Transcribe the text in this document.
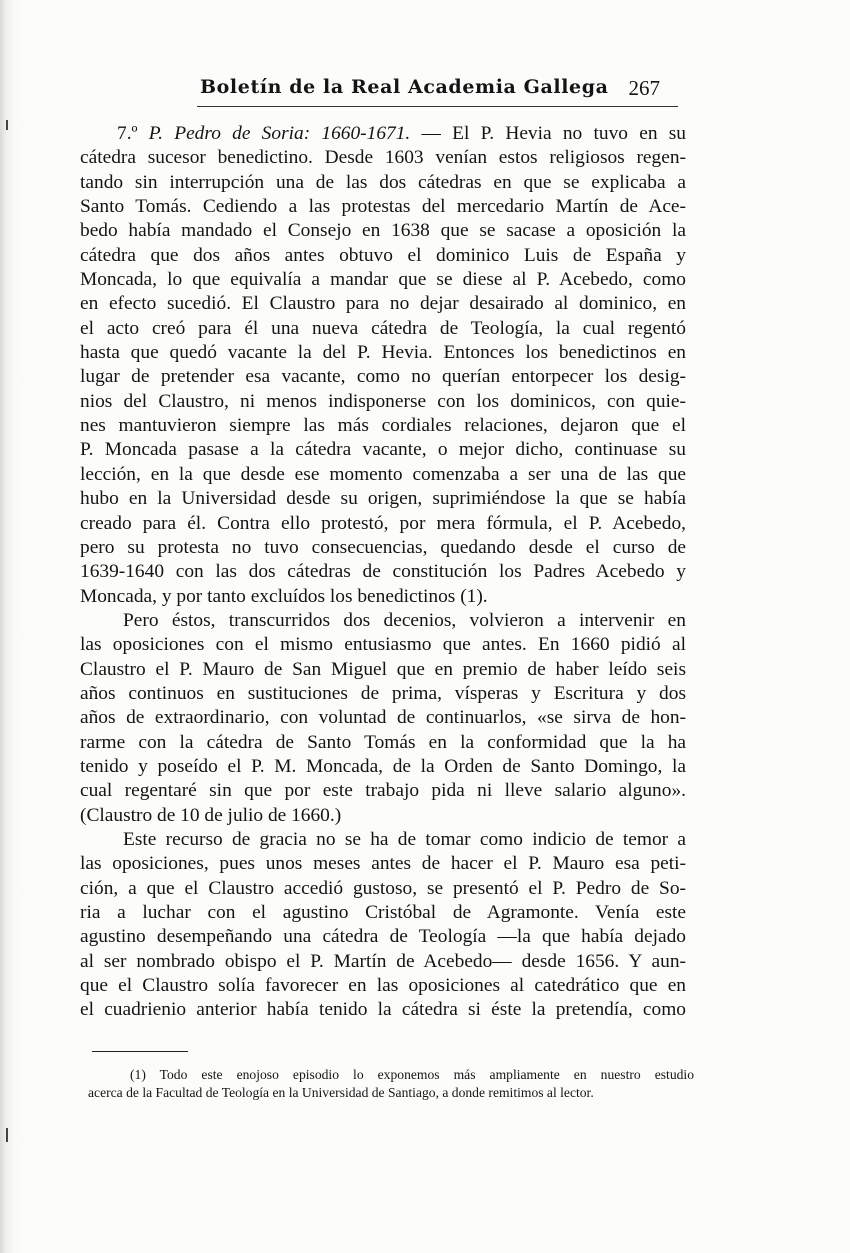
Boletín de la Real Academia Gallega 267
7.º P. Pedro de Soria: 1660-1671. — El P. Hevia no tuvo en su
cátedra sucesor benedictino. Desde 1603 venían estos religiosos regen-
tando sin interrupción una de las dos cátedras en que se explicaba a
Santo Tomás. Cediendo a las protestas del mercedario Martín de Ace-
bedo había mandado el Consejo en 1638 que se sacase a oposición la
cátedra que dos años antes obtuvo el dominico Luis de España y
Moncada, lo que equivalía a mandar que se diese al P. Acebedo, como
en efecto sucedió. El Claustro para no dejar desairado al dominico, en
el acto creó para él una nueva cátedra de Teología, la cual regentó
hasta que quedó vacante la del P. Hevia. Entonces los benedictinos en
lugar de pretender esa vacante, como no querían entorpecer los desig-
nios del Claustro, ni menos indisponerse con los dominicos, con quie-
nes mantuvieron siempre las más cordiales relaciones, dejaron que el
P. Moncada pasase a la cátedra vacante, o mejor dicho, continuase su
lección, en la que desde ese momento comenzaba a ser una de las que
hubo en la Universidad desde su origen, suprimiéndose la que se había
creado para él. Contra ello protestó, por mera fórmula, el P. Acebedo,
pero su protesta no tuvo consecuencias, quedando desde el curso de
1639-1640 con las dos cátedras de constitución los Padres Acebedo y
Moncada, y por tanto excluídos los benedictinos (1).
Pero éstos, transcurridos dos decenios, volvieron a intervenir en
las oposiciones con el mismo entusiasmo que antes. En 1660 pidió al
Claustro el P. Mauro de San Miguel que en premio de haber leído seis
años continuos en sustituciones de prima, vísperas y Escritura y dos
años de extraordinario, con voluntad de continuarlos, «se sirva de hon-
rarme con la cátedra de Santo Tomás en la conformidad que la ha
tenido y poseído el P. M. Moncada, de la Orden de Santo Domingo, la
cual regentaré sin que por este trabajo pida ni lleve salario alguno».
(Claustro de 10 de julio de 1660.)
Este recurso de gracia no se ha de tomar como indicio de temor a
las oposiciones, pues unos meses antes de hacer el P. Mauro esa peti-
ción, a que el Claustro accedió gustoso, se presentó el P. Pedro de So-
ria a luchar con el agustino Cristóbal de Agramonte. Venía este
agustino desempeñando una cátedra de Teología —la que había dejado
al ser nombrado obispo el P. Martín de Acebedo— desde 1656. Y aun-
que el Claustro solía favorecer en las oposiciones al catedrático que en
el cuadrienio anterior había tenido la cátedra si éste la pretendía, como
(1) Todo este enojoso episodio lo exponemos más ampliamente en nuestro estudio
acerca de la Facultad de Teología en la Universidad de Santiago, a donde remitimos al lector.
